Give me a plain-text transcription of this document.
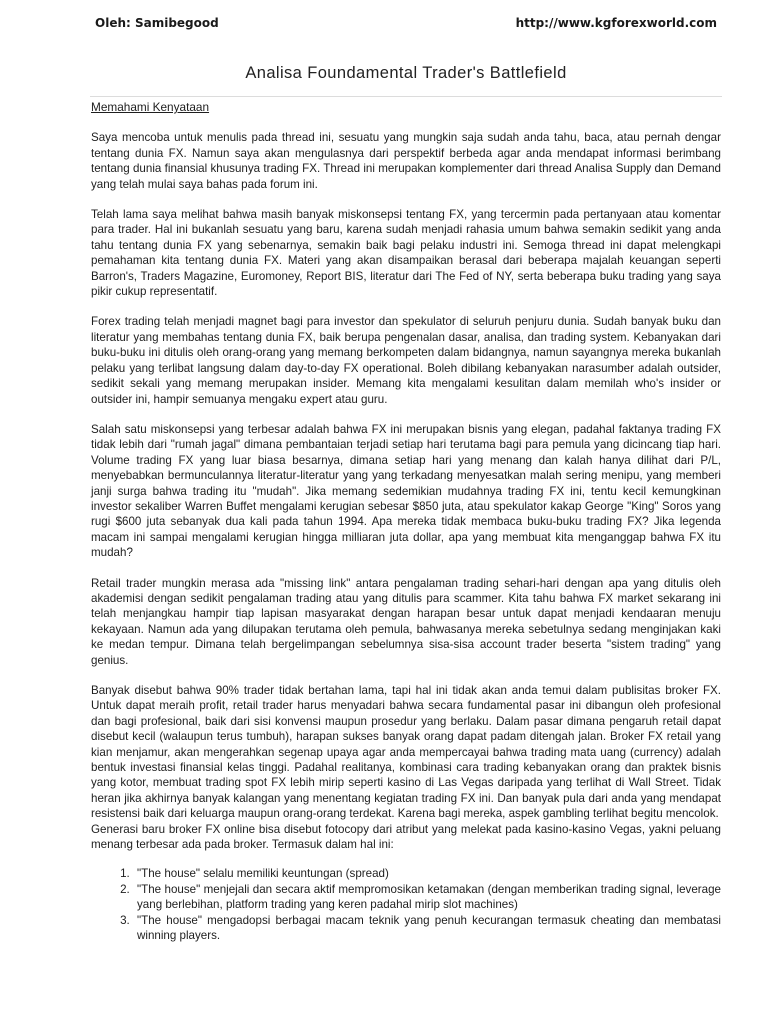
Oleh: Samibegood	http://www.kgforexworld.com
Analisa Foundamental Trader's Battlefield

Memahami Kenyataan

Saya mencoba untuk menulis pada thread ini, sesuatu yang mungkin saja sudah anda tahu, baca, atau pernah dengar tentang dunia FX. Namun saya akan mengulasnya dari perspektif berbeda agar anda mendapat informasi berimbang tentang dunia finansial khusunya trading FX. Thread ini merupakan komplementer dari thread Analisa Supply dan Demand yang telah mulai saya bahas pada forum ini.

Telah lama saya melihat bahwa masih banyak miskonsepsi tentang FX, yang tercermin pada pertanyaan atau komentar para trader. Hal ini bukanlah sesuatu yang baru, karena sudah menjadi rahasia umum bahwa semakin sedikit yang anda tahu tentang dunia FX yang sebenarnya, semakin baik bagi pelaku industri ini. Semoga thread ini dapat melengkapi pemahaman kita tentang dunia FX. Materi yang akan disampaikan berasal dari beberapa majalah keuangan seperti Barron's, Traders Magazine, Euromoney, Report BIS, literatur dari The Fed of NY, serta beberapa buku trading yang saya pikir cukup representatif.

Forex trading telah menjadi magnet bagi para investor dan spekulator di seluruh penjuru dunia. Sudah banyak buku dan literatur yang membahas tentang dunia FX, baik berupa pengenalan dasar, analisa, dan trading system. Kebanyakan dari buku-buku ini ditulis oleh orang-orang yang memang berkompeten dalam bidangnya, namun sayangnya mereka bukanlah pelaku yang terlibat langsung dalam day-to-day FX operational. Boleh dibilang kebanyakan narasumber adalah outsider, sedikit sekali yang memang merupakan insider. Memang kita mengalami kesulitan dalam memilah who's insider or outsider ini, hampir semuanya mengaku expert atau guru.

Salah satu miskonsepsi yang terbesar adalah bahwa FX ini merupakan bisnis yang elegan, padahal faktanya trading FX tidak lebih dari "rumah jagal" dimana pembantaian terjadi setiap hari terutama bagi para pemula yang dicincang tiap hari. Volume trading FX yang luar biasa besarnya, dimana setiap hari yang menang dan kalah hanya dilihat dari P/L, menyebabkan bermunculannya literatur-literatur yang yang terkadang menyesatkan malah sering menipu, yang memberi janji surga bahwa trading itu "mudah". Jika memang sedemikian mudahnya trading FX ini, tentu kecil kemungkinan investor sekaliber Warren Buffet mengalami kerugian sebesar $850 juta, atau spekulator kakap George "King" Soros yang rugi $600 juta sebanyak dua kali pada tahun 1994. Apa mereka tidak membaca buku-buku trading FX? Jika legenda macam ini sampai mengalami kerugian hingga milliaran juta dollar, apa yang membuat kita menganggap bahwa FX itu mudah?

Retail trader mungkin merasa ada "missing link" antara pengalaman trading sehari-hari dengan apa yang ditulis oleh akademisi dengan sedikit pengalaman trading atau yang ditulis para scammer. Kita tahu bahwa FX market sekarang ini telah menjangkau hampir tiap lapisan masyarakat dengan harapan besar untuk dapat menjadi kendaaran menuju kekayaan. Namun ada yang dilupakan terutama oleh pemula, bahwasanya mereka sebetulnya sedang menginjakan kaki ke medan tempur. Dimana telah bergelimpangan sebelumnya sisa-sisa account trader beserta "sistem trading" yang genius.

Banyak disebut bahwa 90% trader tidak bertahan lama, tapi hal ini tidak akan anda temui dalam publisitas broker FX. Untuk dapat meraih profit, retail trader harus menyadari bahwa secara fundamental pasar ini dibangun oleh profesional dan bagi profesional, baik dari sisi konvensi maupun prosedur yang berlaku. Dalam pasar dimana pengaruh retail dapat disebut kecil (walaupun terus tumbuh), harapan sukses banyak orang dapat padam ditengah jalan. Broker FX retail yang kian menjamur, akan mengerahkan segenap upaya agar anda mempercayai bahwa trading mata uang (currency) adalah bentuk investasi finansial kelas tinggi. Padahal realitanya, kombinasi cara trading kebanyakan orang dan praktek bisnis yang kotor, membuat trading spot FX lebih mirip seperti kasino di Las Vegas daripada yang terlihat di Wall Street. Tidak heran jika akhirnya banyak kalangan yang menentang kegiatan trading FX ini. Dan banyak pula dari anda yang mendapat resistensi baik dari keluarga maupun orang-orang terdekat. Karena bagi mereka, aspek gambling terlihat begitu mencolok.

Generasi baru broker FX online bisa disebut fotocopy dari atribut yang melekat pada kasino-kasino Vegas, yakni peluang menang terbesar ada pada broker. Termasuk dalam hal ini:

1. "The house" selalu memiliki keuntungan (spread)
2. "The house" menjejali dan secara aktif mempromosikan ketamakan (dengan memberikan trading signal, leverage yang berlebihan, platform trading yang keren padahal mirip slot machines)
3. "The house" mengadopsi berbagai macam teknik yang penuh kecurangan termasuk cheating dan membatasi winning players.
